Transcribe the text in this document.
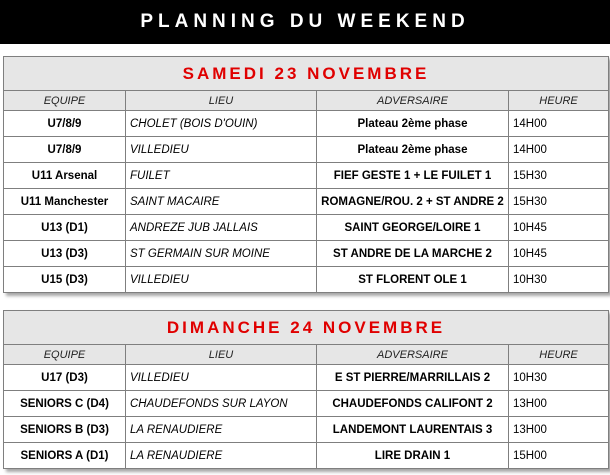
PLANNING DU WEEKEND
SAMEDI 23 NOVEMBRE			
EQUIPE	LIEU	ADVERSAIRE	HEURE
U7/8/9	CHOLET (BOIS D'OUIN)	Plateau 2ème phase	14H00
U7/8/9	VILLEDIEU	Plateau 2ème phase	14H00
U11 Arsenal	FUILET	FIEF GESTE 1 + LE FUILET 1	15H30
U11 Manchester	SAINT MACAIRE	ROMAGNE/ROU. 2 + ST ANDRE 2	15H30
U13 (D1)	ANDREZE JUB JALLAIS	SAINT GEORGE/LOIRE 1	10H45
U13 (D3)	ST GERMAIN SUR MOINE	ST ANDRE DE LA MARCHE 2	10H45
U15 (D3)	VILLEDIEU	ST FLORENT OLE 1	10H30
DIMANCHE 24 NOVEMBRE			
EQUIPE	LIEU	ADVERSAIRE	HEURE
U17 (D3)	VILLEDIEU	E ST PIERRE/MARRILLAIS 2	10H30
SENIORS C (D4)	CHAUDEFONDS SUR LAYON	CHAUDEFONDS CALIFONT 2	13H00
SENIORS B (D3)	LA RENAUDIERE	LANDEMONT LAURENTAIS 3	13H00
SENIORS A (D1)	LA RENAUDIERE	LIRE DRAIN 1	15H00
